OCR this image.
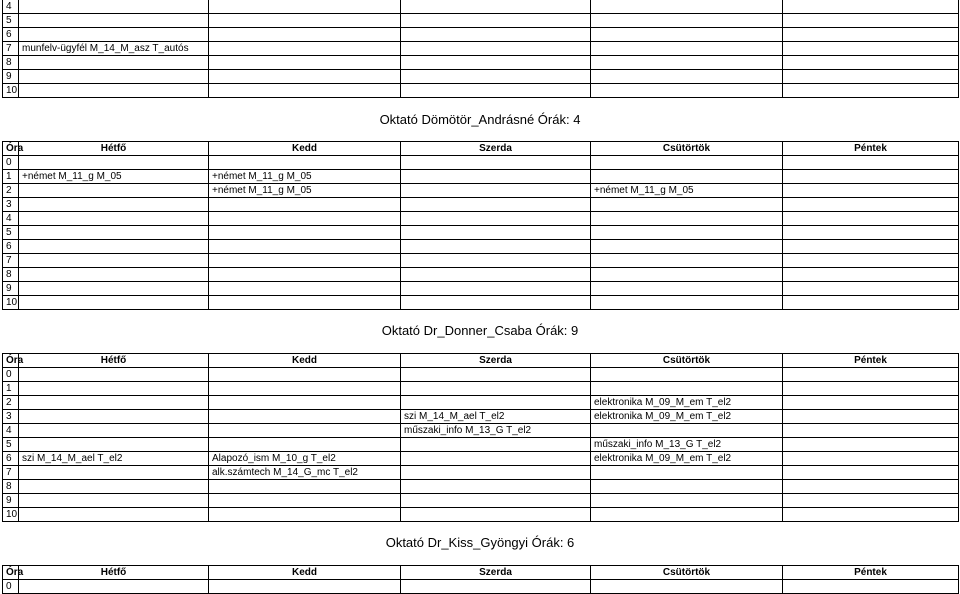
4					
5					
6					
7	munfelv-ügyfél M_14_M_asz T_autós				
8					
9					
10					
Oktató Dömötör_Andrásné Órák: 4
Óra	Hétfő	Kedd	Szerda	Csütörtök	Péntek
0					
1	+német M_11_g M_05	+német M_11_g M_05			
2		+német M_11_g M_05		+német M_11_g M_05	
3					
4					
5					
6					
7					
8					
9					
10					
Oktató Dr_Donner_Csaba Órák: 9
Óra	Hétfő	Kedd	Szerda	Csütörtök	Péntek
0					
1					
2				elektronika M_09_M_em T_el2	
3			szi M_14_M_ael T_el2	elektronika M_09_M_em T_el2	
4			műszaki_info M_13_G T_el2		
5				műszaki_info M_13_G T_el2	
6	szi M_14_M_ael T_el2	Alapozó_ism M_10_g T_el2		elektronika M_09_M_em T_el2	
7		alk.számtech M_14_G_mc T_el2			
8					
9					
10					
Oktató Dr_Kiss_Gyöngyi Órák: 6
Óra	Hétfő	Kedd	Szerda	Csütörtök	Péntek
0					
